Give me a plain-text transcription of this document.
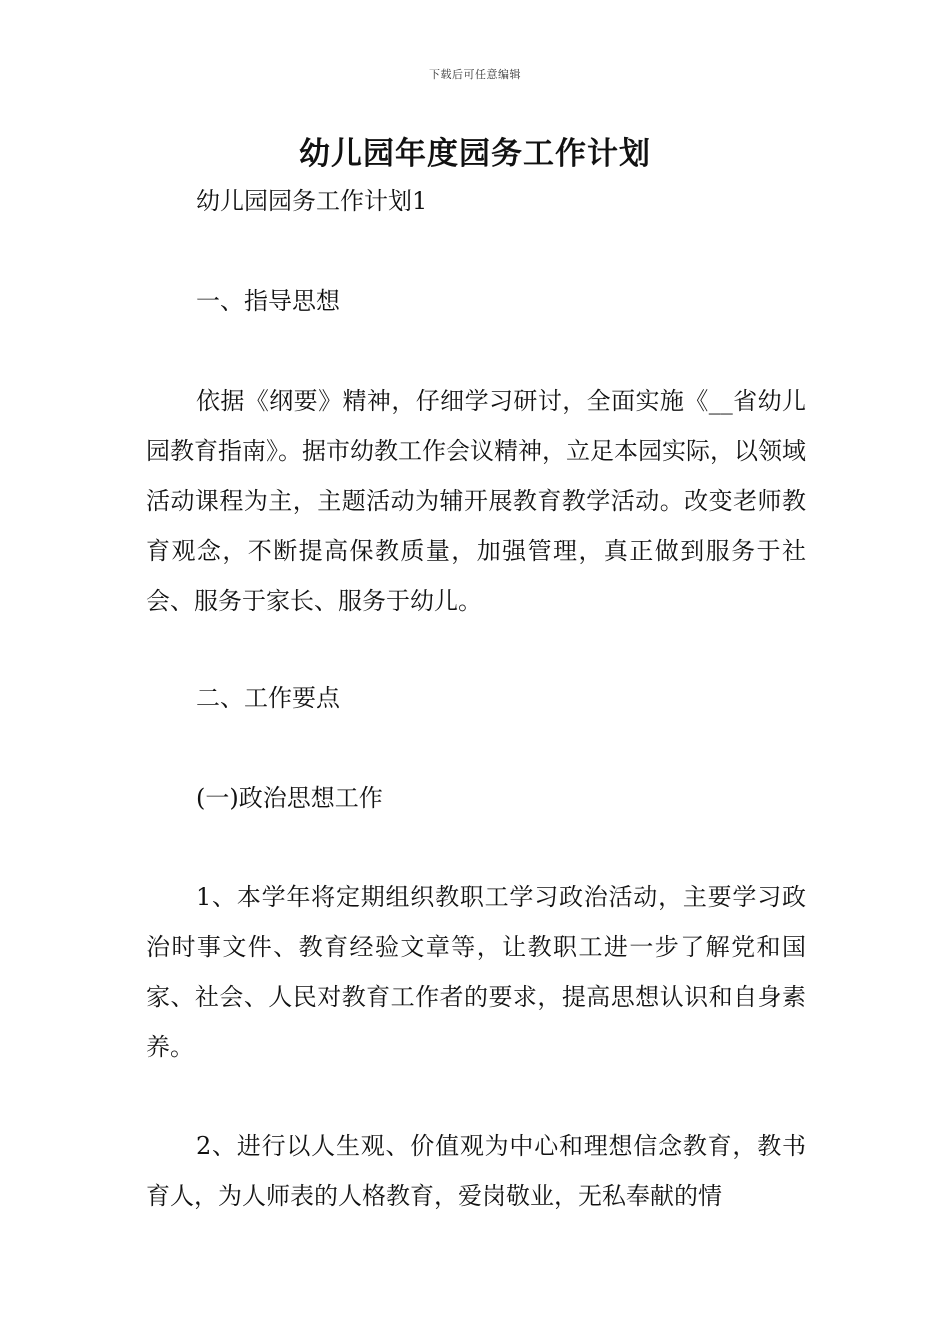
下载后可任意编辑
幼儿园年度园务工作计划

幼儿园园务工作计划1

一、指导思想

依据《纲要》精神，仔细学习研讨，全面实施《__省幼儿园教育指南》。据市幼教工作会议精神，立足本园实际，以领域活动课程为主，主题活动为辅开展教育教学活动。改变老师教育观念，不断提高保教质量，加强管理，真正做到服务于社会、服务于家长、服务于幼儿。

二、工作要点

(一)政治思想工作

1、本学年将定期组织教职工学习政治活动，主要学习政治时事文件、教育经验文章等，让教职工进一步了解党和国家、社会、人民对教育工作者的要求，提高思想认识和自身素养。

2、进行以人生观、价值观为中心和理想信念教育，教书育人，为人师表的人格教育，爱岗敬业，无私奉献的情
